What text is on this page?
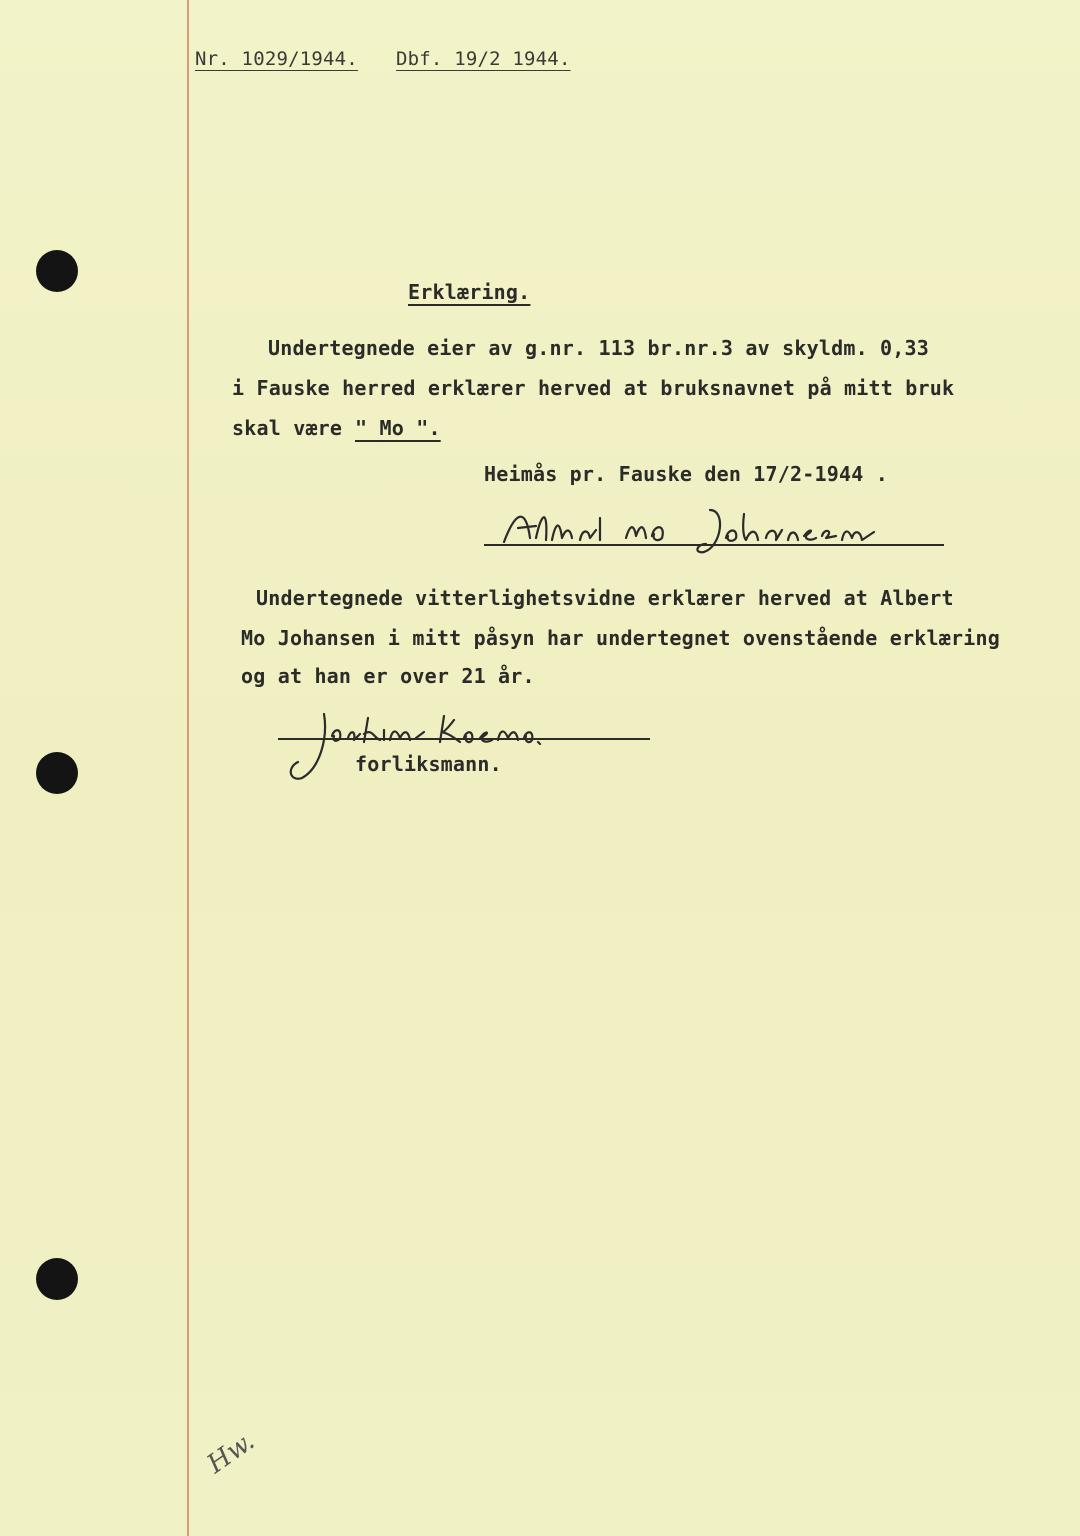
Nr. 1029/1944. Dbf. 19/2 1944.
Erklæring.
Undertegnede eier av g.nr. 113 br.nr.3 av skyldm. 0,33
i Fauske herred erklærer herved at bruksnavnet på mitt bruk
skal være " Mo ".
Heimås pr. Fauske den 17/2-1944 .
Undertegnede vitterlighetsvidne erklærer herved at Albert
Mo Johansen i mitt påsyn har undertegnet ovenstående erklæring
og at han er over 21 år.
forliksmann.
Hw.
